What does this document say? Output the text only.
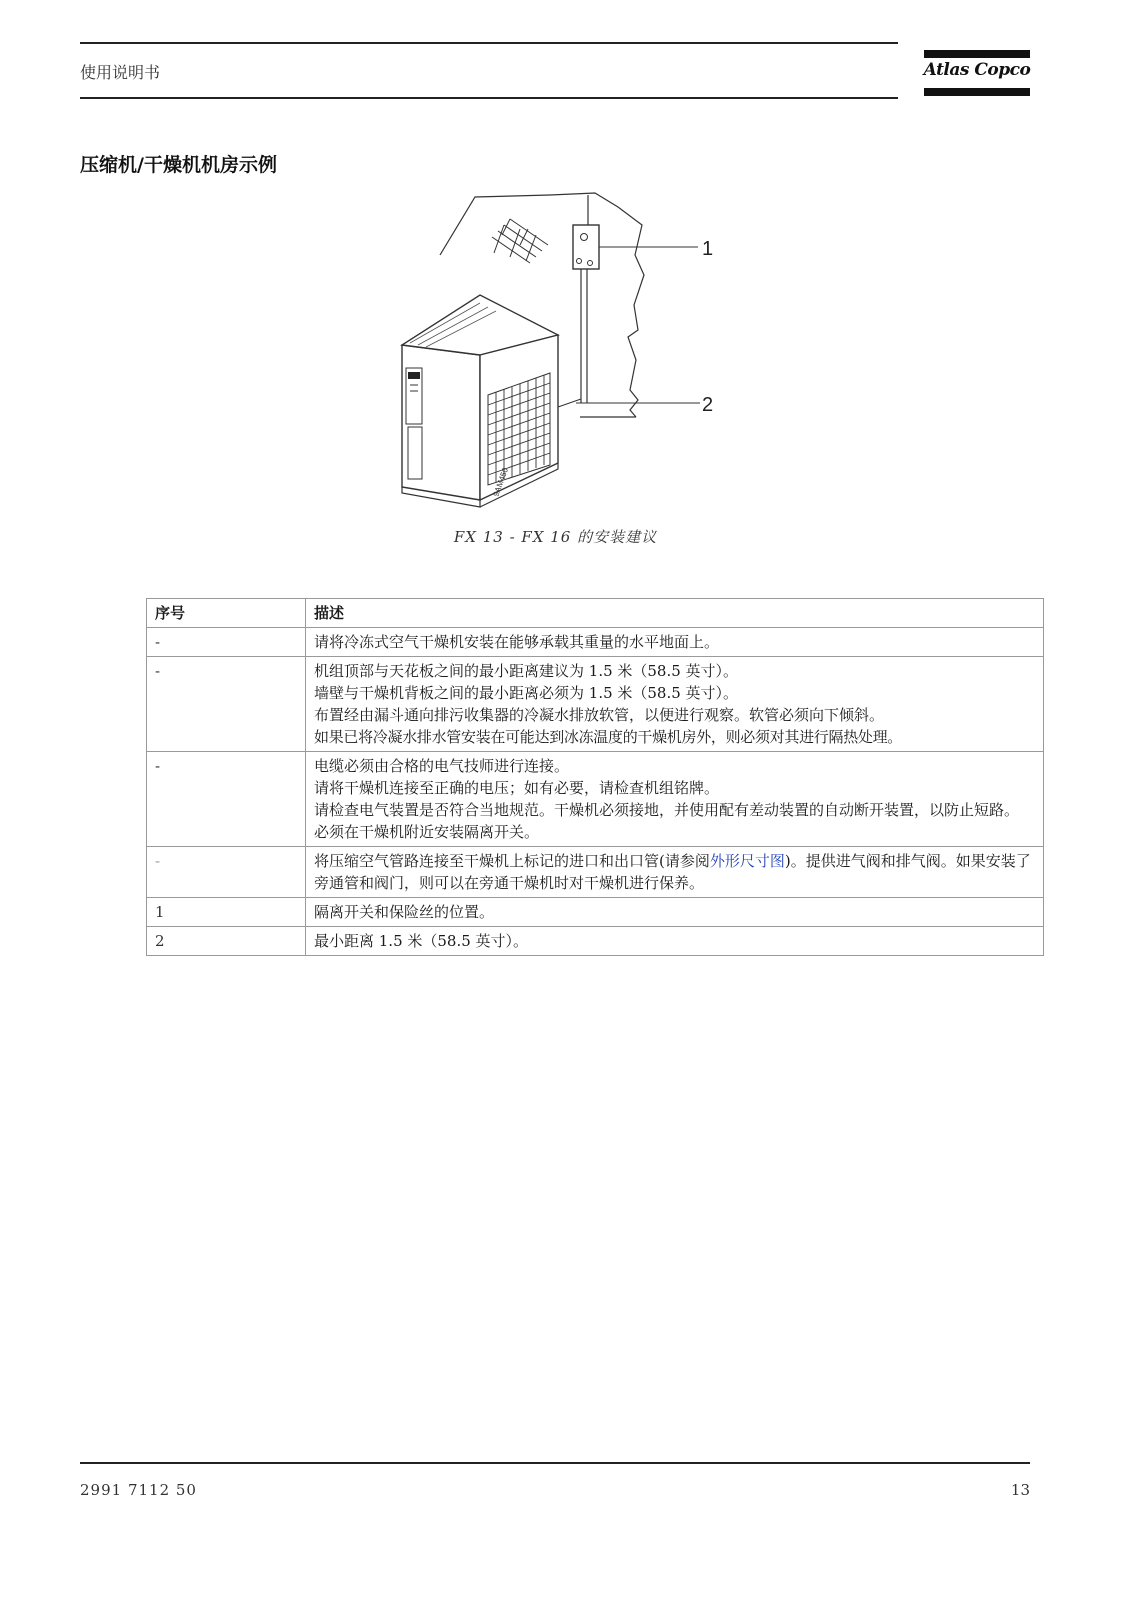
使用说明书	Atlas Copco
压缩机/干燥机机房示例
1
2
9AM450
FX 13 - FX 16 的安装建议
序号	描述
-	请将冷冻式空气干燥机安装在能够承载其重量的水平地面上。

-	机组顶部与天花板之间的最小距离建议为 1.5 米（58.5 英寸）。
墙壁与干燥机背板之间的最小距离必须为 1.5 米（58.5 英寸）。
布置经由漏斗通向排污收集器的冷凝水排放软管，以便进行观察。软管必须向下倾斜。
如果已将冷凝水排水管安装在可能达到冰冻温度的干燥机房外，则必须对其进行隔热处理。

-	电缆必须由合格的电气技师进行连接。
请将干燥机连接至正确的电压；如有必要，请检查机组铭牌。
请检查电气装置是否符合当地规范。干燥机必须接地，并使用配有差动装置的自动断开装置，以防止短路。
必须在干燥机附近安装隔离开关。

-	将压缩空气管路连接至干燥机上标记的进口和出口管(请参阅外形尺寸图)。提供进气阀和排气阀。如果安装了旁通管和阀门，则可以在旁通干燥机时对干燥机进行保养。
1	隔离开关和保险丝的位置。

2	最小距离 1.5 米（58.5 英寸）。
2991 7112 50	13
